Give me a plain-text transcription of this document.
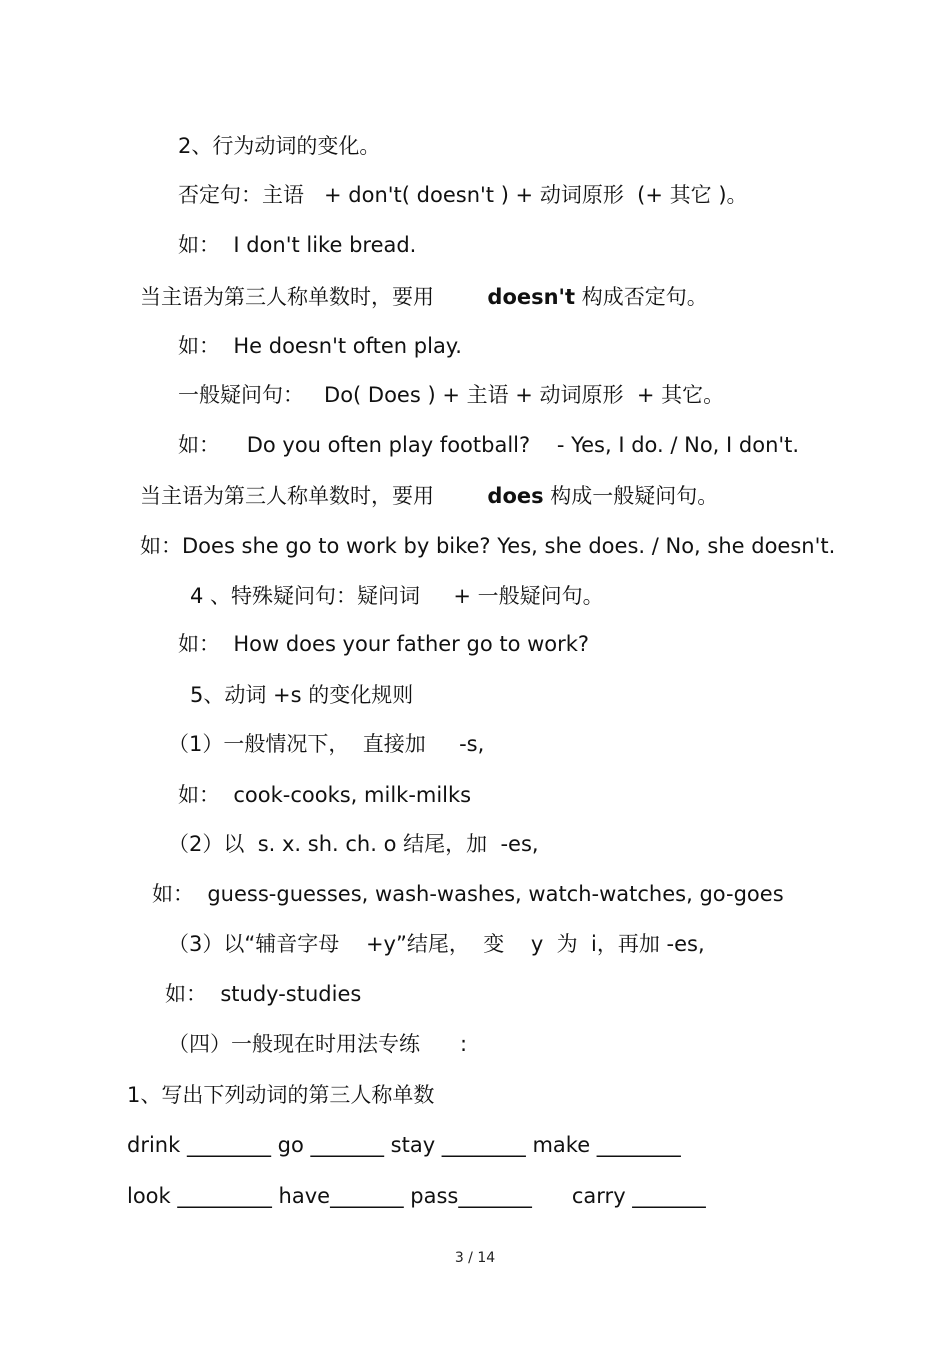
2、行为动词的变化。
否定句：主语   + don't( doesn't ) + 动词原形  (+ 其它 )。
如：  I don't like bread.
当主语为第三人称单数时，要用        doesn't 构成否定句。
如：  He doesn't often play.
一般疑问句：   Do( Does ) + 主语 + 动词原形  + 其它。
如：    Do you often play football?    - Yes, I do. / No, I don't.
当主语为第三人称单数时，要用        does 构成一般疑问句。
如：Does she go to work by bike? Yes, she does. / No, she doesn't.
4 、特殊疑问句：疑问词     + 一般疑问句。
如：  How does your father go to work?
5、动词 +s 的变化规则
（1）一般情况下，  直接加     -s,
如：  cook-cooks, milk-milks
（2）以  s. x. sh. ch. o 结尾，加  -es,
如：  guess-guesses, wash-washes, watch-watches, go-goes
（3）以“辅音字母    +y”结尾，  变    y  为  i，再加 -es,
如：  study-studies
（四）一般现在时用法专练      :
1、写出下列动词的第三人称单数
drink ________ go _______ stay ________ make ________
look _________ have_______ pass_______      carry _______
3 / 14
